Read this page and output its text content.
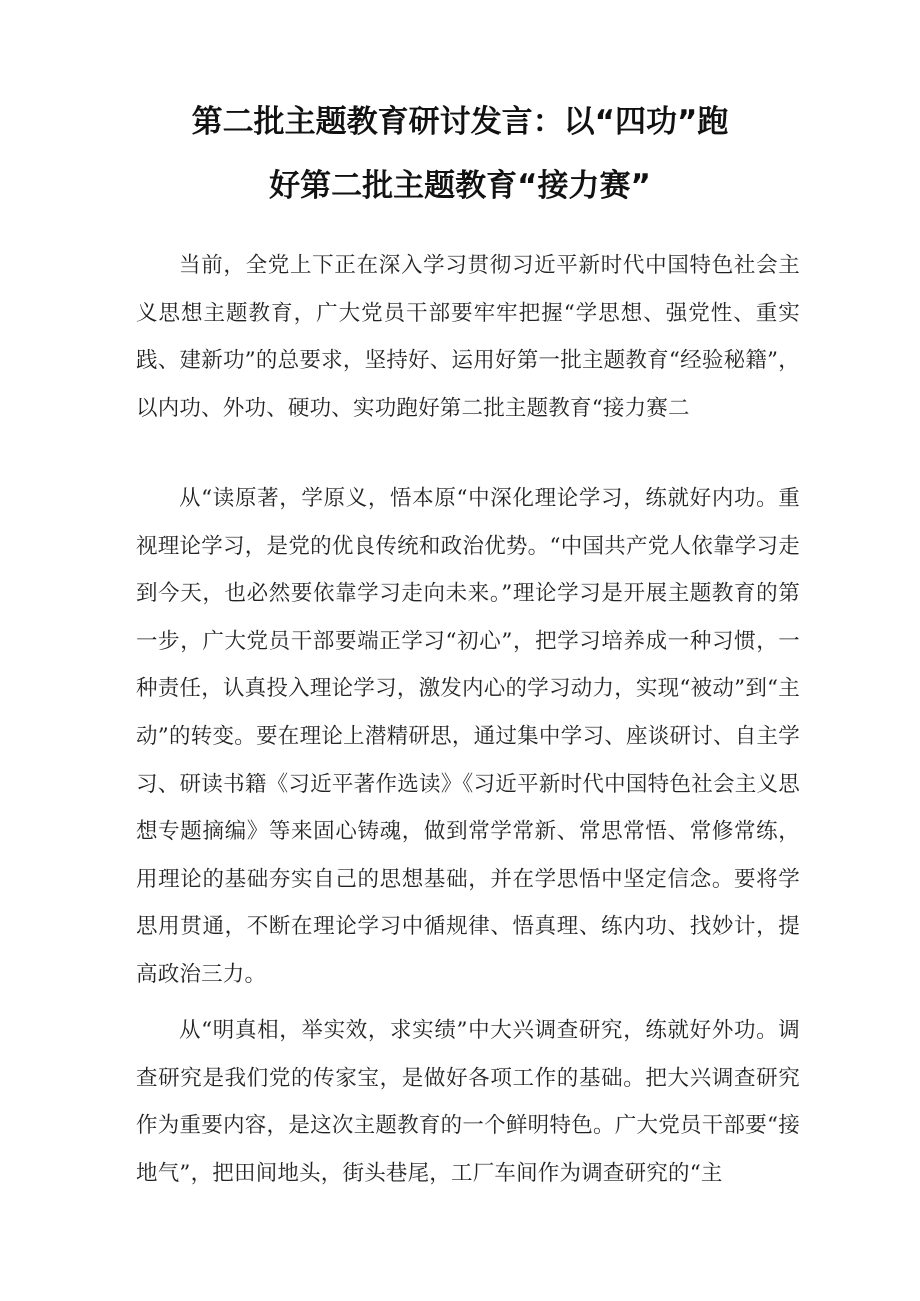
第二批主题教育研讨发言：以“四功”跑
好第二批主题教育“接力赛”
当前，全党上下正在深入学习贯彻习近平新时代中国特色社会主义思想主题教育，广大党员干部要牢牢把握“学思想、强党性、重实践、建新功”的总要求，坚持好、运用好第一批主题教育“经验秘籍”，以内功、外功、硬功、实功跑好第二批主题教育“接力赛二
从“读原著，学原义，悟本原“中深化理论学习，练就好内功。重视理论学习，是党的优良传统和政治优势。“中国共产党人依靠学习走到今天，也必然要依靠学习走向未来。”理论学习是开展主题教育的第一步，广大党员干部要端正学习“初心”，把学习培养成一种习惯，一种责任，认真投入理论学习，激发内心的学习动力，实现“被动”到“主动”的转变。要在理论上潜精研思，通过集中学习、座谈研讨、自主学习、研读书籍《习近平著作选读》《习近平新时代中国特色社会主义思想专题摘编》等来固心铸魂，做到常学常新、常思常悟、常修常练，用理论的基础夯实自己的思想基础，并在学思悟中坚定信念。要将学思用贯通，不断在理论学习中循规律、悟真理、练内功、找妙计，提高政治三力。
从“明真相，举实效，求实绩”中大兴调查研究，练就好外功。调查研究是我们党的传家宝，是做好各项工作的基础。把大兴调查研究作为重要内容，是这次主题教育的一个鲜明特色。广大党员干部要“接地气”，把田间地头，街头巷尾，工厂车间作为调查研究的“主
